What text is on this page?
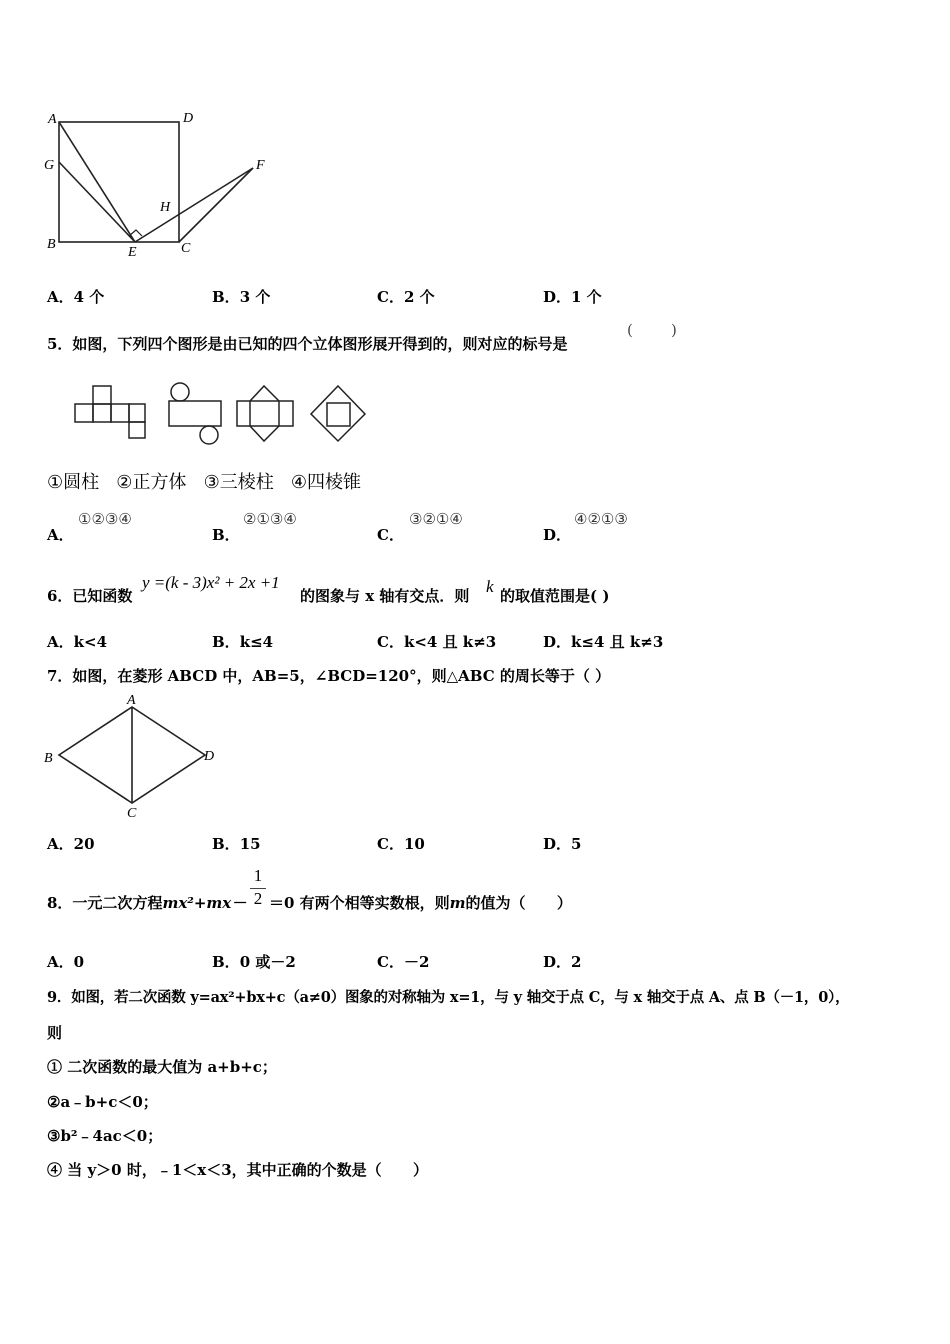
A	D
G	F
H
B
E	C
A．4 个	B．3 个	C．2 个	D．1 个
5．如图，下列四个图形是由已知的四个立体图形展开得到的，则对应的标号是
(        )
①圆柱   ②正方体   ③三棱柱   ④四棱锥
A．
①②③④
B．
②①③④
C．
③②①④
D．
④②①③
6．已知函数
y =(k - 3)x² + 2x +1
的图象与 x 轴有交点．则 k 的取值范围是( )
A．k<4	B．k≤4	C．k<4 且 k≠3	D．k≤4 且 k≠3
7．如图，在菱形 ABCD 中，AB=5，∠BCD=120°，则△ABC 的周长等于（ ）
A
B
C
D
A．20	B．15	C．10	D．5
8．一元二次方程$mx^2+mx- \frac{1}{2} =0$ 有两个相等实数根，则m的值为（      ）
A．0	B．0 或－2	C．－2	D．2
9．如图，若二次函数 y=ax²+bx+c（a≠0）图象的对称轴为 x=1，与 y 轴交于点 C，与 x 轴交于点 A、点 B（－1，0），
则
① 二次函数的最大值为 a+b+c；
②a﹣b+c＜0；
③b²﹣4ac＜0；
④ 当 y＞0 时，﹣1＜x＜3，其中正确的个数是（      ）
